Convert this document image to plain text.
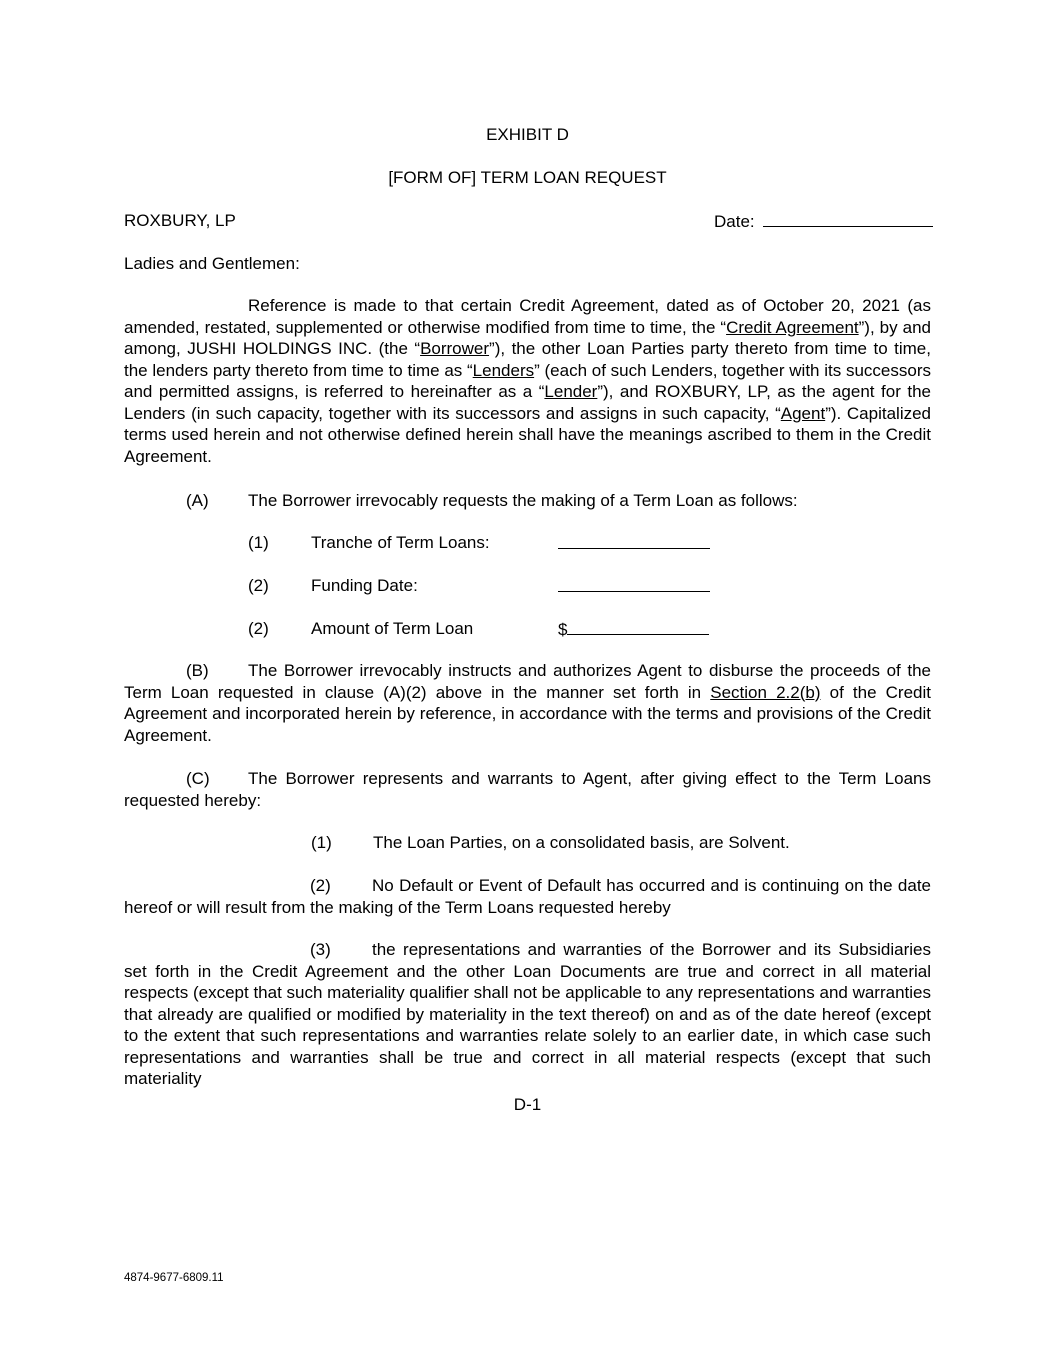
EXHIBIT D
[FORM OF] TERM LOAN REQUEST
ROXBURY, LP	Date:
Ladies and Gentlemen:
Reference is made to that certain Credit Agreement, dated as of October 20, 2021 (as amended, restated, supplemented or otherwise modified from time to time, the “Credit Agreement”), by and among, JUSHI HOLDINGS INC. (the “Borrower”), the other Loan Parties party thereto from time to time, the lenders party thereto from time to time as “Lenders” (each of such Lenders, together with its successors and permitted assigns, is referred to hereinafter as a “Lender”), and ROXBURY, LP, as the agent for the Lenders (in such capacity, together with its successors and assigns in such capacity, “Agent”). Capitalized terms used herein and not otherwise defined herein shall have the meanings ascribed to them in the Credit Agreement.
(A) The Borrower irrevocably requests the making of a Term Loan as follows:
(1) Tranche of Term Loans:
(2) Funding Date:
(2) Amount of Term Loan	$
(B) The Borrower irrevocably instructs and authorizes Agent to disburse the proceeds of the Term Loan requested in clause (A)(2) above in the manner set forth in Section 2.2(b) of the Credit Agreement and incorporated herein by reference, in accordance with the terms and provisions of the Credit Agreement.
(C) The Borrower represents and warrants to Agent, after giving effect to the Term Loans requested hereby:
(1) The Loan Parties, on a consolidated basis, are Solvent.
(2) No Default or Event of Default has occurred and is continuing on the date hereof or will result from the making of the Term Loans requested hereby
(3) the representations and warranties of the Borrower and its Subsidiaries set forth in the Credit Agreement and the other Loan Documents are true and correct in all material respects (except that such materiality qualifier shall not be applicable to any representations and warranties that already are qualified or modified by materiality in the text thereof) on and as of the date hereof (except to the extent that such representations and warranties relate solely to an earlier date, in which case such representations and warranties shall be true and correct in all material respects (except that such materiality
D-1
4874-9677-6809.11
